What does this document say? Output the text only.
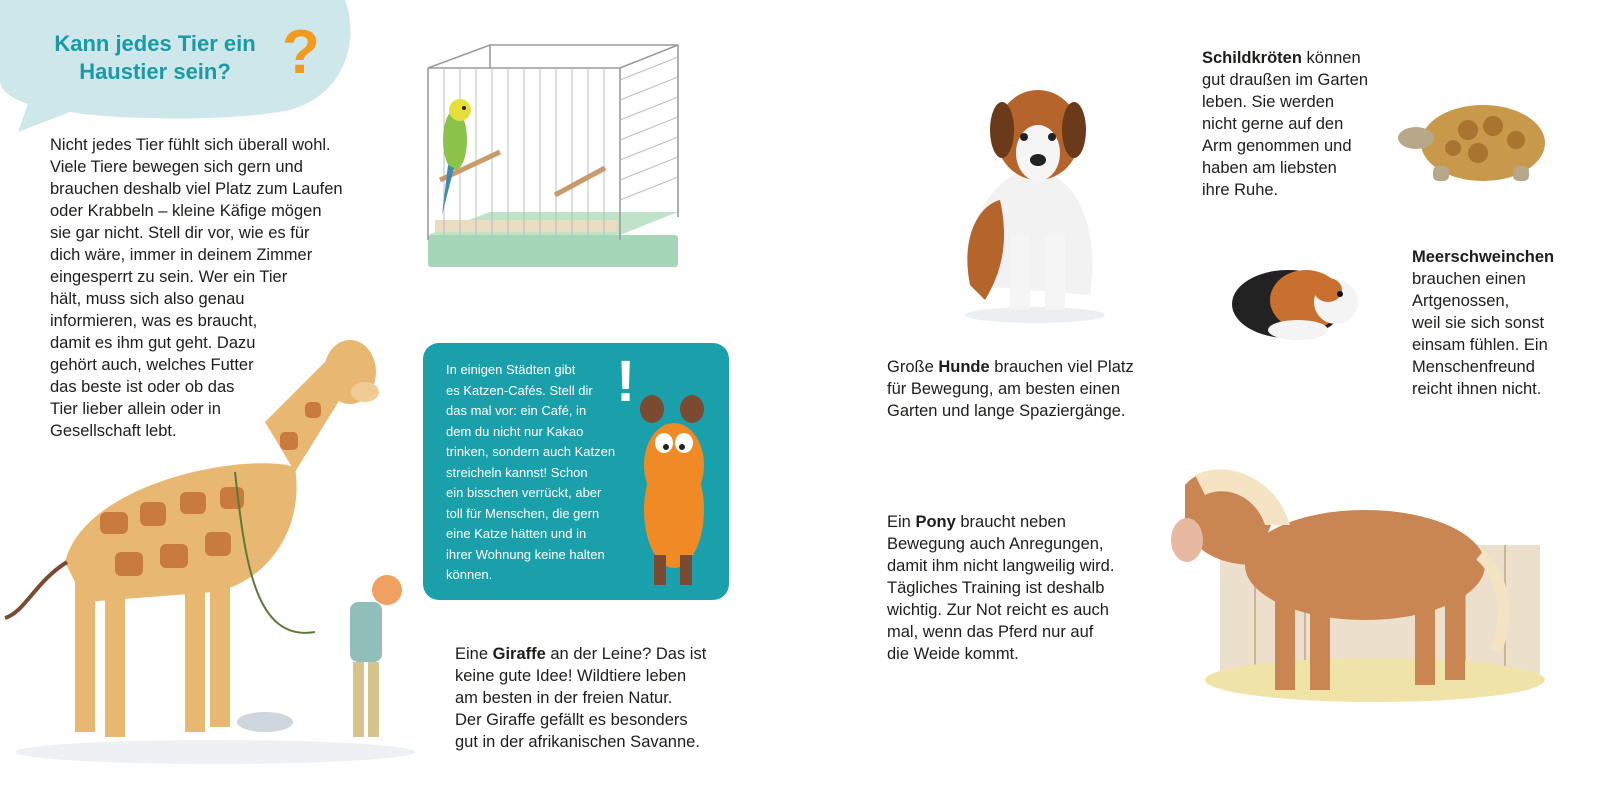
Kann jedes Tier ein Haustier sein? ?

Nicht jedes Tier fühlt sich überall wohl.
Viele Tiere bewegen sich gern und
brauchen deshalb viel Platz zum Laufen
oder Krabbeln – kleine Käfige mögen
sie gar nicht. Stell dir vor, wie es für
dich wäre, immer in deinem Zimmer
eingesperrt zu sein. Wer ein Tier
hält, muss sich also genau
informieren, was es braucht,
damit es ihm gut geht. Dazu
gehört auch, welches Futter
das beste ist oder ob das
Tier lieber allein oder in
Gesellschaft lebt.

In einigen Städten gibt
es Katzen-Cafés. Stell dir
das mal vor: ein Café, in
dem du nicht nur Kakao
trinken, sondern auch Katzen
streicheln kannst! Schon
ein bisschen verrückt, aber
toll für Menschen, die gern
eine Katze hätten und in
ihrer Wohnung keine halten
können.
!

Eine Giraffe an der Leine? Das ist
keine gute Idee! Wildtiere leben
am besten in der freien Natur.
Der Giraffe gefällt es besonders
gut in der afrikanischen Savanne.

Große Hunde brauchen viel Platz
für Bewegung, am besten einen
Garten und lange Spaziergänge.

Ein Pony braucht neben
Bewegung auch Anregungen,
damit ihm nicht langweilig wird.
Tägliches Training ist deshalb
wichtig. Zur Not reicht es auch
mal, wenn das Pferd nur auf
die Weide kommt.

Schildkröten können
gut draußen im Garten
leben. Sie werden
nicht gerne auf den
Arm genommen und
haben am liebsten
ihre Ruhe.

Meerschweinchen
brauchen einen
Artgenossen,
weil sie sich sonst
einsam fühlen. Ein
Menschenfreund
reicht ihnen nicht.
